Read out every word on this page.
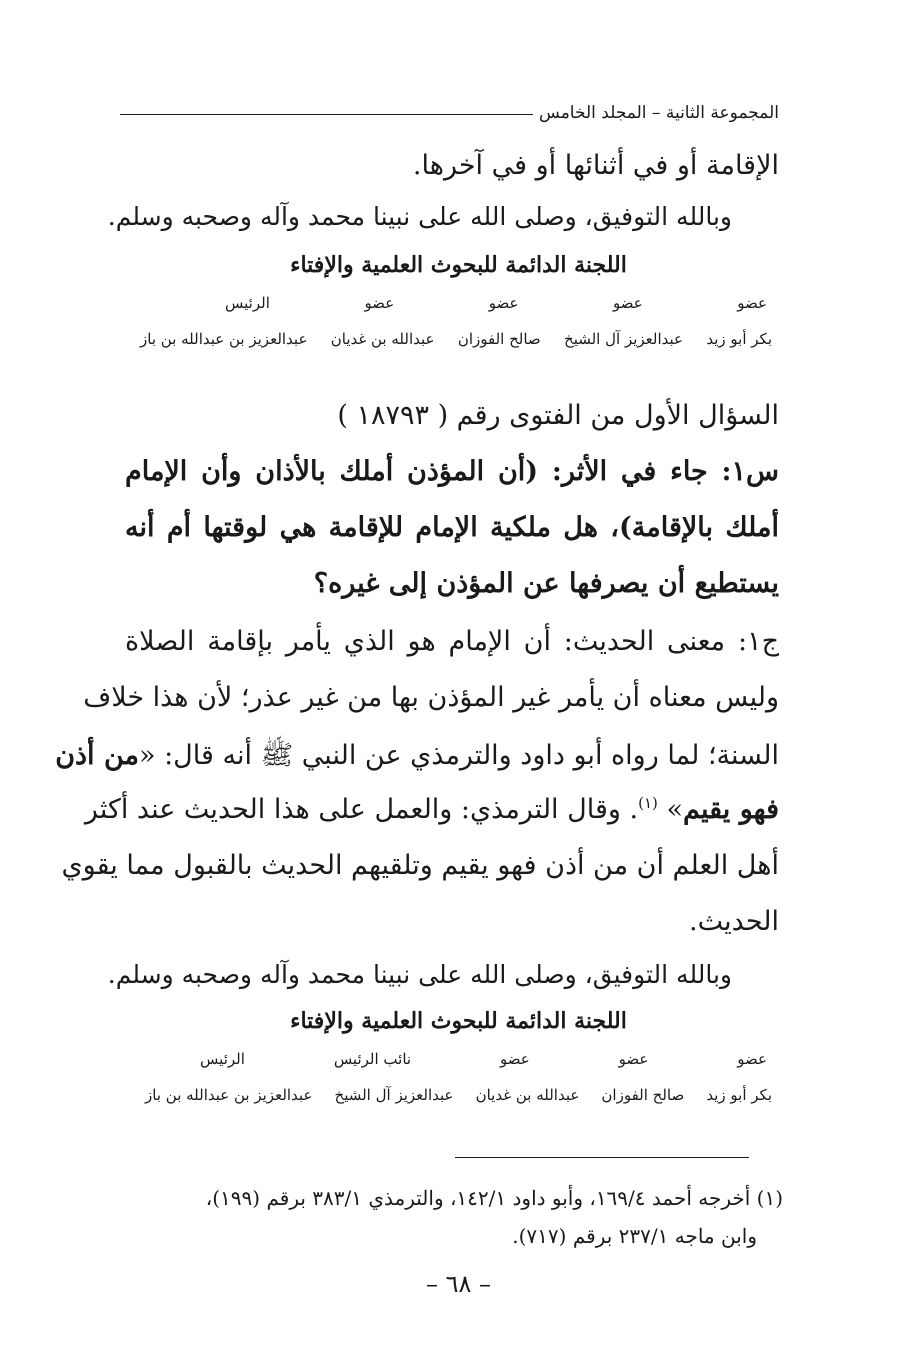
المجموعة الثانية – المجلد الخامس
الإقامة أو في أثنائها أو في آخرها.
وبالله التوفيق، وصلى الله على نبينا محمد وآله وصحبه وسلم.
اللجنة الدائمة للبحوث العلمية والإفتاء
عضو
عضو
عضو
عضو
الرئيس
بكر أبو زيد
عبدالعزيز آل الشيخ
صالح الفوزان
عبدالله بن غديان
عبدالعزيز بن عبدالله بن باز
السؤال الأول من الفتوى رقم ( ١٨٧٩٣ )
س١: جاء في الأثر: (أن المؤذن أملك بالأذان وأن الإمام
أملك بالإقامة)، هل ملكية الإمام للإقامة هي لوقتها أم أنه
يستطيع أن يصرفها عن المؤذن إلى غيره؟
ج١: معنى الحديث: أن الإمام هو الذي يأمر بإقامة الصلاة
وليس معناه أن يأمر غير المؤذن بها من غير عذر؛ لأن هذا خلاف
السنة؛ لما رواه أبو داود والترمذي عن النبي ﷺ أنه قال: «من أذن
فهو يقيم» $^{(١)}$. وقال الترمذي: والعمل على هذا الحديث عند أكثر
أهل العلم أن من أذن فهو يقيم وتلقيهم الحديث بالقبول مما يقوي
الحديث.
وبالله التوفيق، وصلى الله على نبينا محمد وآله وصحبه وسلم.
اللجنة الدائمة للبحوث العلمية والإفتاء
عضو
عضو
عضو
نائب الرئيس
الرئيس
بكر أبو زيد
صالح الفوزان
عبدالله بن غديان
عبدالعزيز آل الشيخ
عبدالعزيز بن عبدالله بن باز
(١) أخرجه أحمد ١٦٩/٤، وأبو داود ١٤٢/١، والترمذي ٣٨٣/١ برقم (١٩٩)،
وابن ماجه ٢٣٧/١ برقم (٧١٧).
– ٦٨ –
